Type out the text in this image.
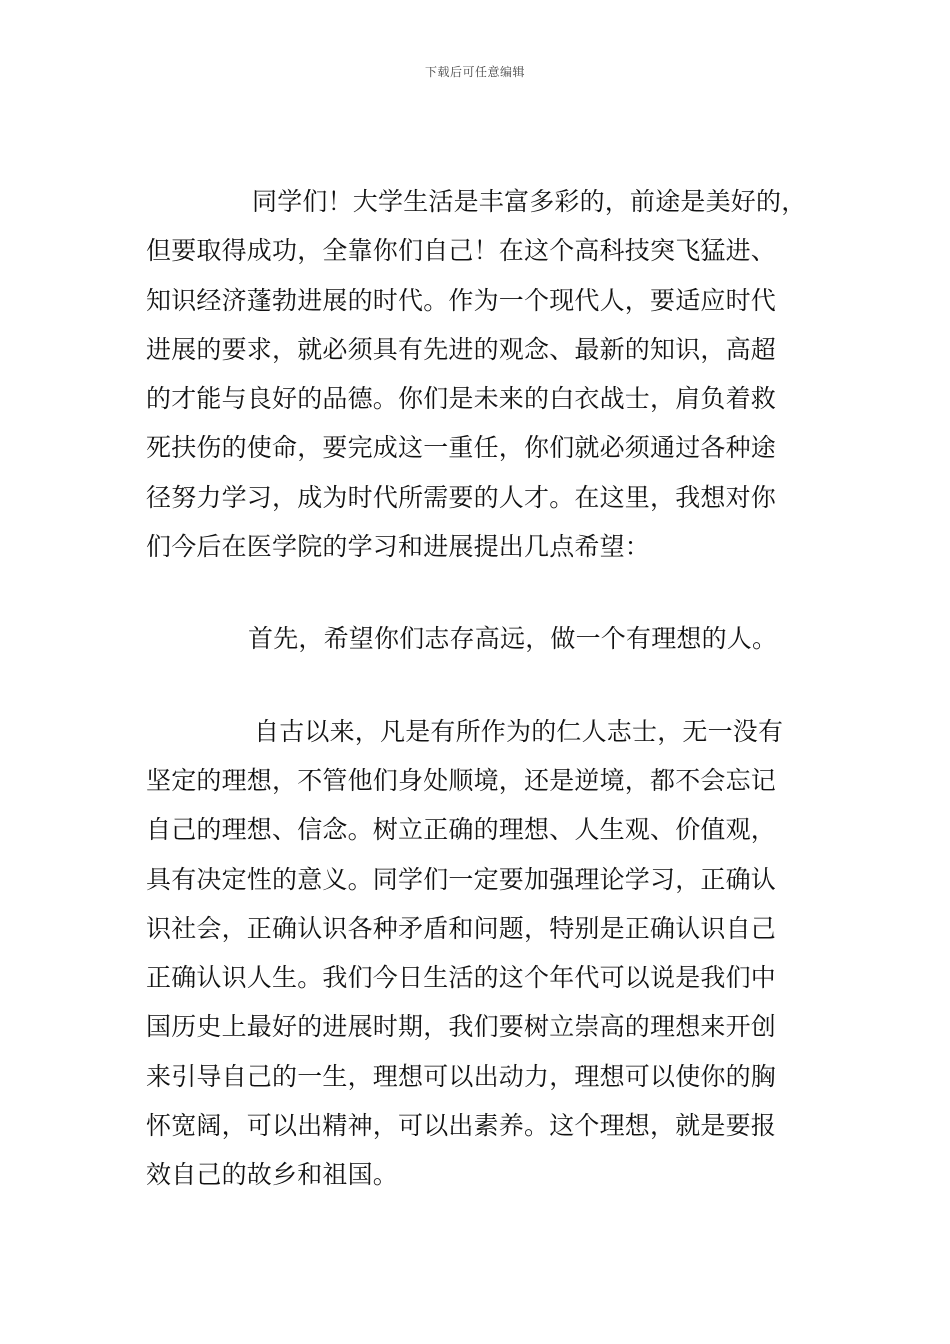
下载后可任意编辑
同学们！大学生活是丰富多彩的，前途是美好的，
但要取得成功，全靠你们自己！在这个高科技突飞猛进、
知识经济蓬勃进展的时代。作为一个现代人，要适应时代
进展的要求，就必须具有先进的观念、最新的知识，高超
的才能与良好的品德。你们是未来的白衣战士，肩负着救
死扶伤的使命，要完成这一重任，你们就必须通过各种途
径努力学习，成为时代所需要的人才。在这里，我想对你
们今后在医学院的学习和进展提出几点希望：
首先，希望你们志存高远，做一个有理想的人。
自古以来，凡是有所作为的仁人志士，无一没有
坚定的理想，不管他们身处顺境，还是逆境，都不会忘记
自己的理想、信念。树立正确的理想、人生观、价值观，
具有决定性的意义。同学们一定要加强理论学习，正确认
识社会，正确认识各种矛盾和问题，特别是正确认识自己
正确认识人生。我们今日生活的这个年代可以说是我们中
国历史上最好的进展时期，我们要树立崇高的理想来开创
来引导自己的一生，理想可以出动力，理想可以使你的胸
怀宽阔，可以出精神，可以出素养。这个理想，就是要报
效自己的故乡和祖国。
